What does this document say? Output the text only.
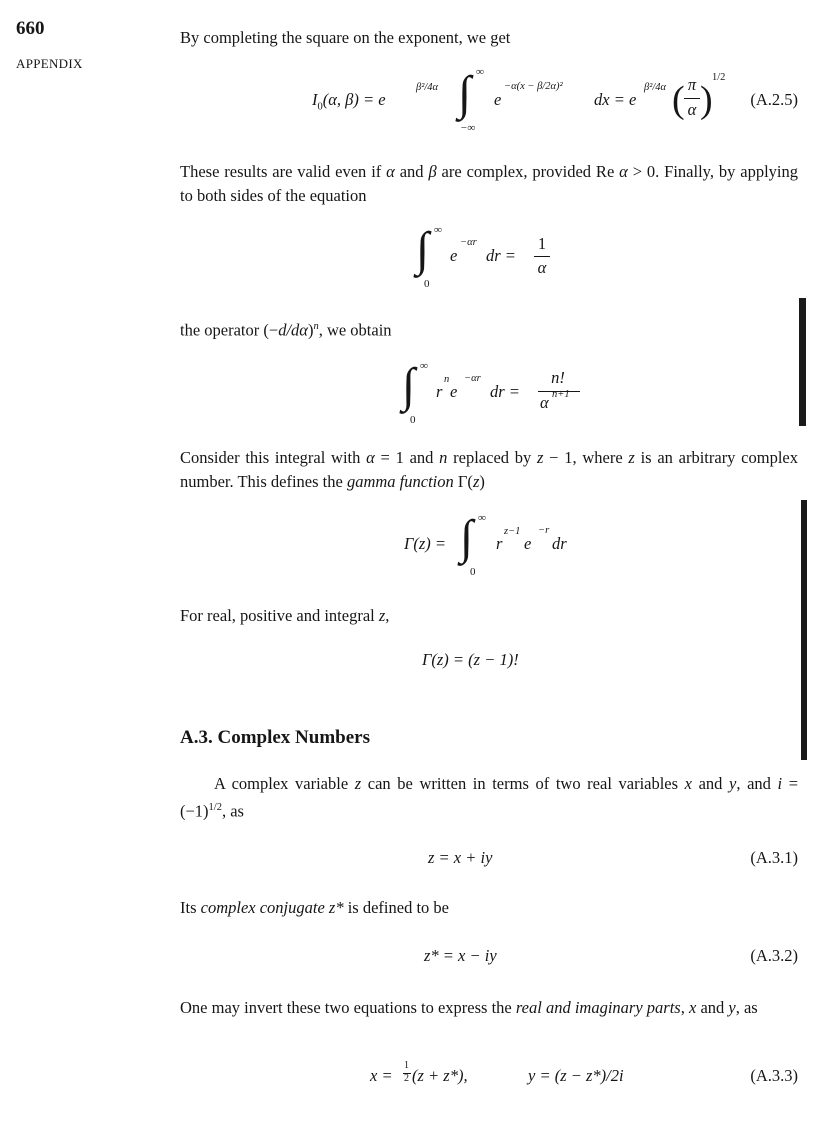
660
APPENDIX
By completing the square on the exponent, we get
$I_0(\alpha$, β) = e
β²/4α ∫ ∞
−∞
e
−α(x − β/2α)²
dx = e
β²/4α ( π
α )
1/2
(A.2.5)
These results are valid even if α and β are complex, provided Re α > 0. Finally, by applying to both sides of the equation
∫ ∞
0
e
−αr
dr =
1
α
the operator $(-d/d\alpha)^n$, we obtain
∫ ∞
0
r
n
e
−αr
dr =
n!
α n+1
Consider this integral with α = 1 and n replaced by z − 1, where z is an arbitrary complex number. This defines the gamma function Γ(z)
Γ(z) = ∫ ∞
0
r
z−1
e
−r
dr
For real, positive and integral z,
Γ(z) = (z − 1)!
A.3. Complex Numbers
A complex variable z can be written in terms of two real variables x and y, and $i = (-1)^{1/2}$, as
z = x + iy	(A.3.1)
Its complex conjugate z* is defined to be
z* = x − iy	(A.3.2)
One may invert these two equations to express the real and imaginary parts, x and y, as
x =
1
2 (z + z*),	y = (z − z*)/2i	(A.3.3)
